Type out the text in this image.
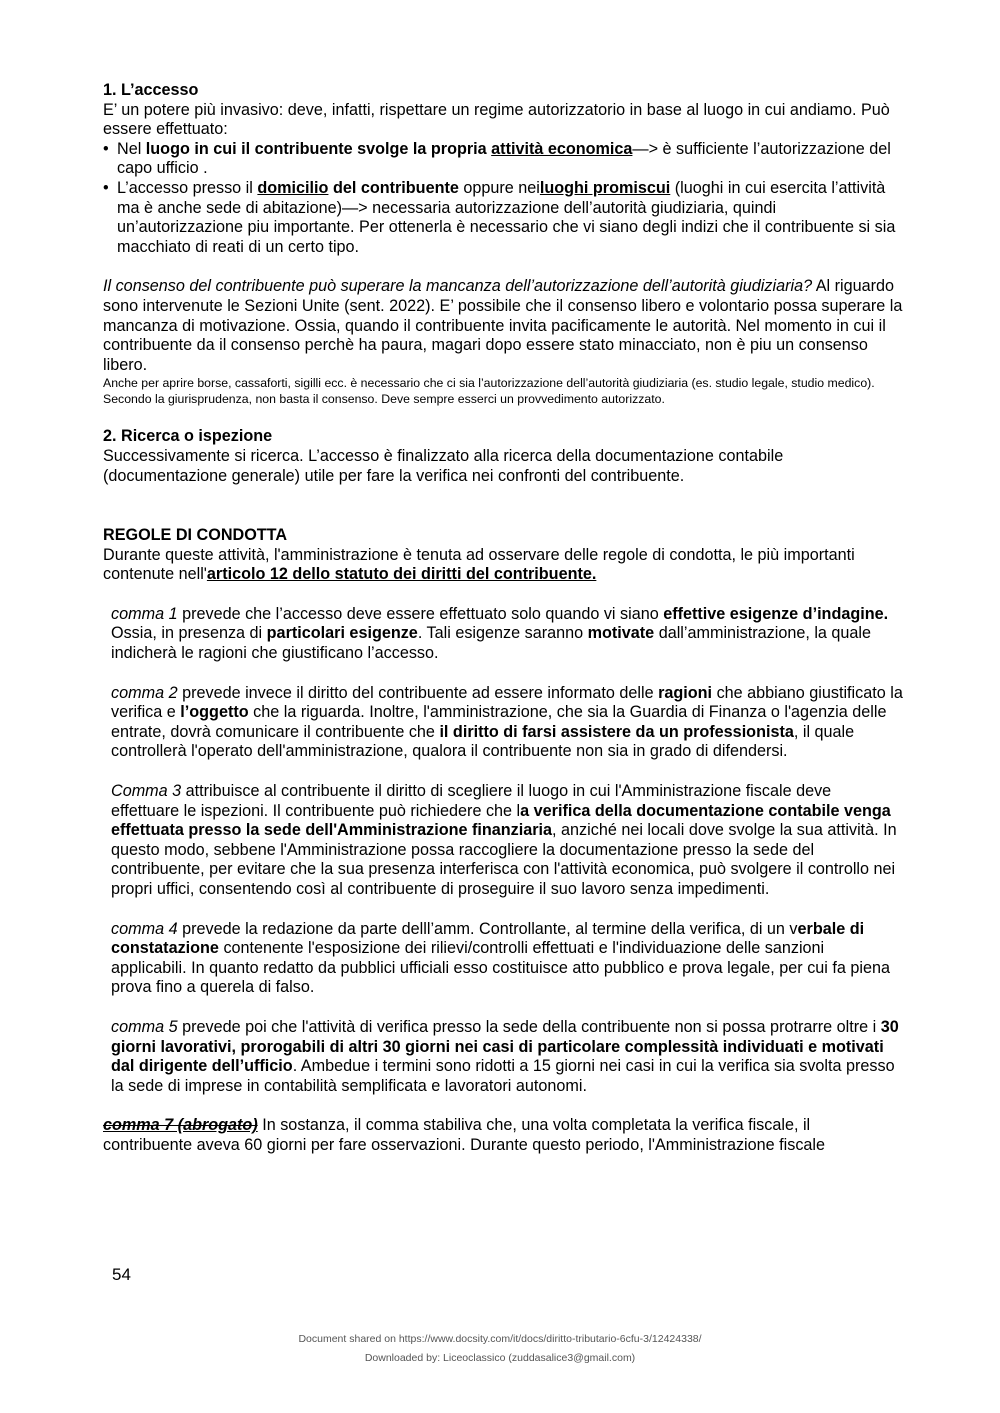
1. L’accesso

E’ un potere più invasivo: deve, infatti, rispettare un regime autorizzatorio in base al luogo in cui andiamo. Può essere effettuato:

• Nel luogo in cui il contribuente svolge la propria attività economica—> è sufficiente l’autorizzazione del capo ufficio .
• L’accesso presso il domicilio del contribuente oppure neiluoghi promiscui (luoghi in cui esercita l’attività ma è anche sede di abitazione)—> necessaria autorizzazione dell’autorità giudiziaria, quindi un’autorizzazione piu importante. Per ottenerla è necessario che vi siano degli indizi che il contribuente si sia macchiato di reati di un certo tipo.

Il consenso del contribuente può superare la mancanza dell’autorizzazione dell’autorità giudiziaria? Al riguardo sono intervenute le Sezioni Unite (sent. 2022). E’ possibile che il consenso libero e volontario possa superare la mancanza di motivazione. Ossia, quando il contribuente invita pacificamente le autorità. Nel momento in cui il contribuente da il consenso perchè ha paura, magari dopo essere stato minacciato, non è piu un consenso libero.

Anche per aprire borse, cassaforti, sigilli ecc. è necessario che ci sia l’autorizzazione dell’autorità giudiziaria (es. studio legale, studio medico). Secondo la giurisprudenza, non basta il consenso. Deve sempre esserci un provvedimento autorizzato.

2. Ricerca o ispezione

Successivamente si ricerca. L’accesso è finalizzato alla ricerca della documentazione contabile (documentazione generale) utile per fare la verifica nei confronti del contribuente.

REGOLE DI CONDOTTA

Durante queste attività, l'amministrazione è tenuta ad osservare delle regole di condotta, le più importanti contenute nell'articolo 12 dello statuto dei diritti del contribuente.

comma 1 prevede che l’accesso deve essere effettuato solo quando vi siano effettive esigenze d’indagine. Ossia, in presenza di particolari esigenze. Tali esigenze saranno motivate dall’amministrazione, la quale indicherà le ragioni che giustificano l’accesso.

comma 2 prevede invece il diritto del contribuente ad essere informato delle ragioni che abbiano giustificato la verifica e l’oggetto che la riguarda. Inoltre, l'amministrazione, che sia la Guardia di Finanza o l'agenzia delle entrate, dovrà comunicare il contribuente che il diritto di farsi assistere da un professionista, il quale controllerà l'operato dell'amministrazione, qualora il contribuente non sia in grado di difendersi.

Comma 3 attribuisce al contribuente il diritto di scegliere il luogo in cui l'Amministrazione fiscale deve effettuare le ispezioni. Il contribuente può richiedere che la verifica della documentazione contabile venga effettuata presso la sede dell'Amministrazione finanziaria, anziché nei locali dove svolge la sua attività. In questo modo, sebbene l'Amministrazione possa raccogliere la documentazione presso la sede del contribuente, per evitare che la sua presenza interferisca con l'attività economica, può svolgere il controllo nei propri uffici, consentendo così al contribuente di proseguire il suo lavoro senza impedimenti.

comma 4 prevede la redazione da parte delll’amm. Controllante, al termine della verifica, di un verbale di constatazione contenente l'esposizione dei rilievi/controlli effettuati e l'individuazione delle sanzioni applicabili. In quanto redatto da pubblici ufficiali esso costituisce atto pubblico e prova legale, per cui fa piena prova fino a querela di falso.

comma 5 prevede poi che l'attività di verifica presso la sede della contribuente non si possa protrarre oltre i 30 giorni lavorativi, prorogabili di altri 30 giorni nei casi di particolare complessità individuati e motivati dal dirigente dell’ufficio. Ambedue i termini sono ridotti a 15 giorni nei casi in cui la verifica sia svolta presso la sede di imprese in contabilità semplificata e lavoratori autonomi.

comma 7 (abrogato) In sostanza, il comma stabiliva che, una volta completata la verifica fiscale, il contribuente aveva 60 giorni per fare osservazioni. Durante questo periodo, l'Amministrazione fiscale

54
Document shared on https://www.docsity.com/it/docs/diritto-tributario-6cfu-3/12424338/
Downloaded by: Liceoclassico (zuddasalice3@gmail.com)
